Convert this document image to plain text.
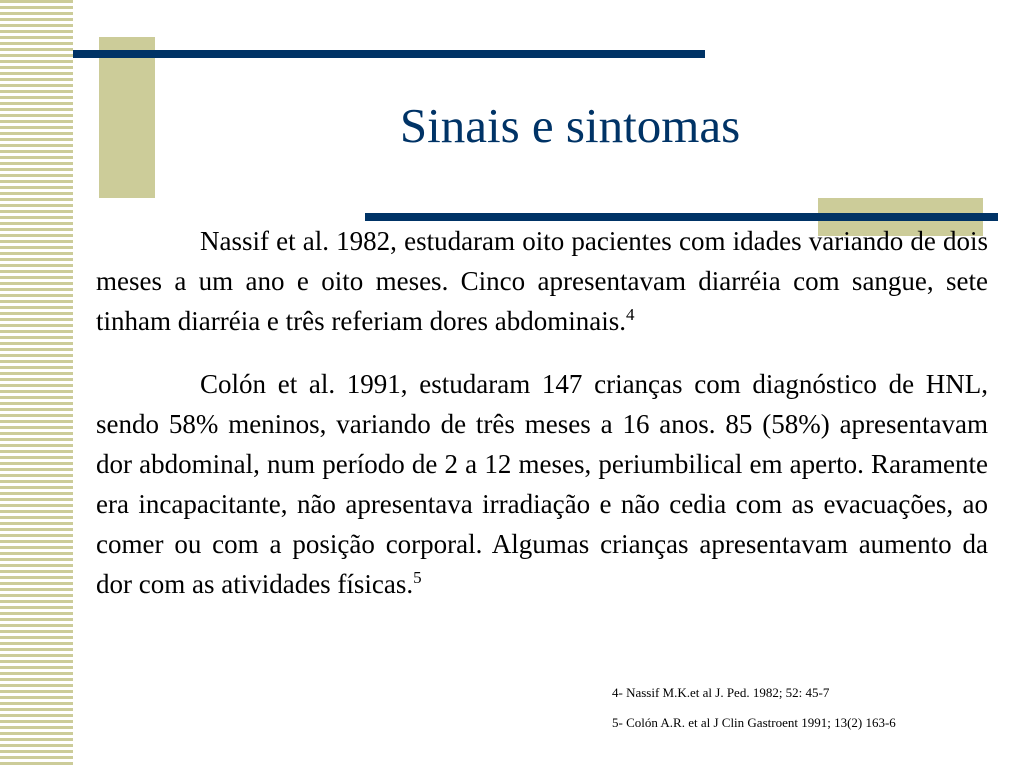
Sinais e sintomas

Nassif et al. 1982, estudaram oito pacientes com idades variando de dois meses a um ano e oito meses. Cinco apresentavam diarréia com sangue, sete tinham diarréia e três referiam dores abdominais.$^4$

Colón et al. 1991, estudaram 147 crianças com diagnóstico de HNL, sendo 58% meninos, variando de três meses a 16 anos. 85 (58%) apresentavam dor abdominal, num período de 2 a 12 meses, periumbilical em aperto. Raramente era incapacitante, não apresentava irradiação e não cedia com as evacuações, ao comer ou com a posição corporal. Algumas crianças apresentavam aumento da dor com as atividades físicas.$^5$

4- Nassif M.K.et al J. Ped. 1982; 52: 45-7
5- Colón A.R. et al J Clin Gastroent 1991; 13(2) 163-6
